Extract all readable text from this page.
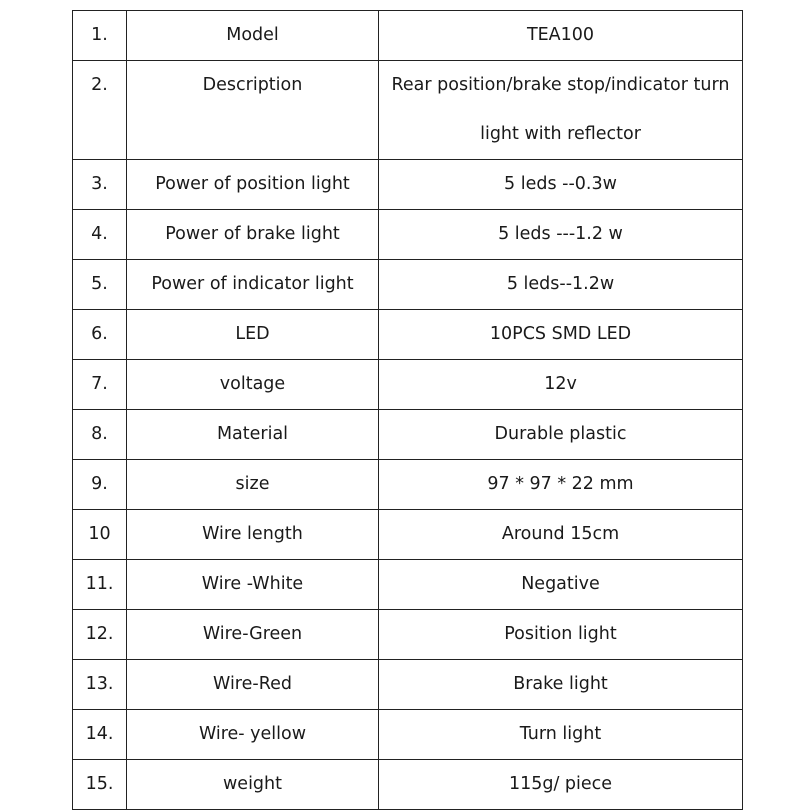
1.	Model	TEA100
2.	Description	Rear position/brake stop/indicator turn
light with reflector

3.	Power of position light	5 leds --0.3w
4.	Power of brake light	5 leds ---1.2 w
5.	Power of indicator light	5 leds--1.2w
6.	LED	10PCS SMD LED
7.	voltage	12v
8.	Material	Durable plastic
9.	size	97 * 97 * 22 mm
10	Wire length	Around 15cm
11.	Wire -White	Negative
12.	Wire-Green	Position light
13.	Wire-Red	Brake light
14.	Wire- yellow	Turn light
15.	weight	115g/ piece
